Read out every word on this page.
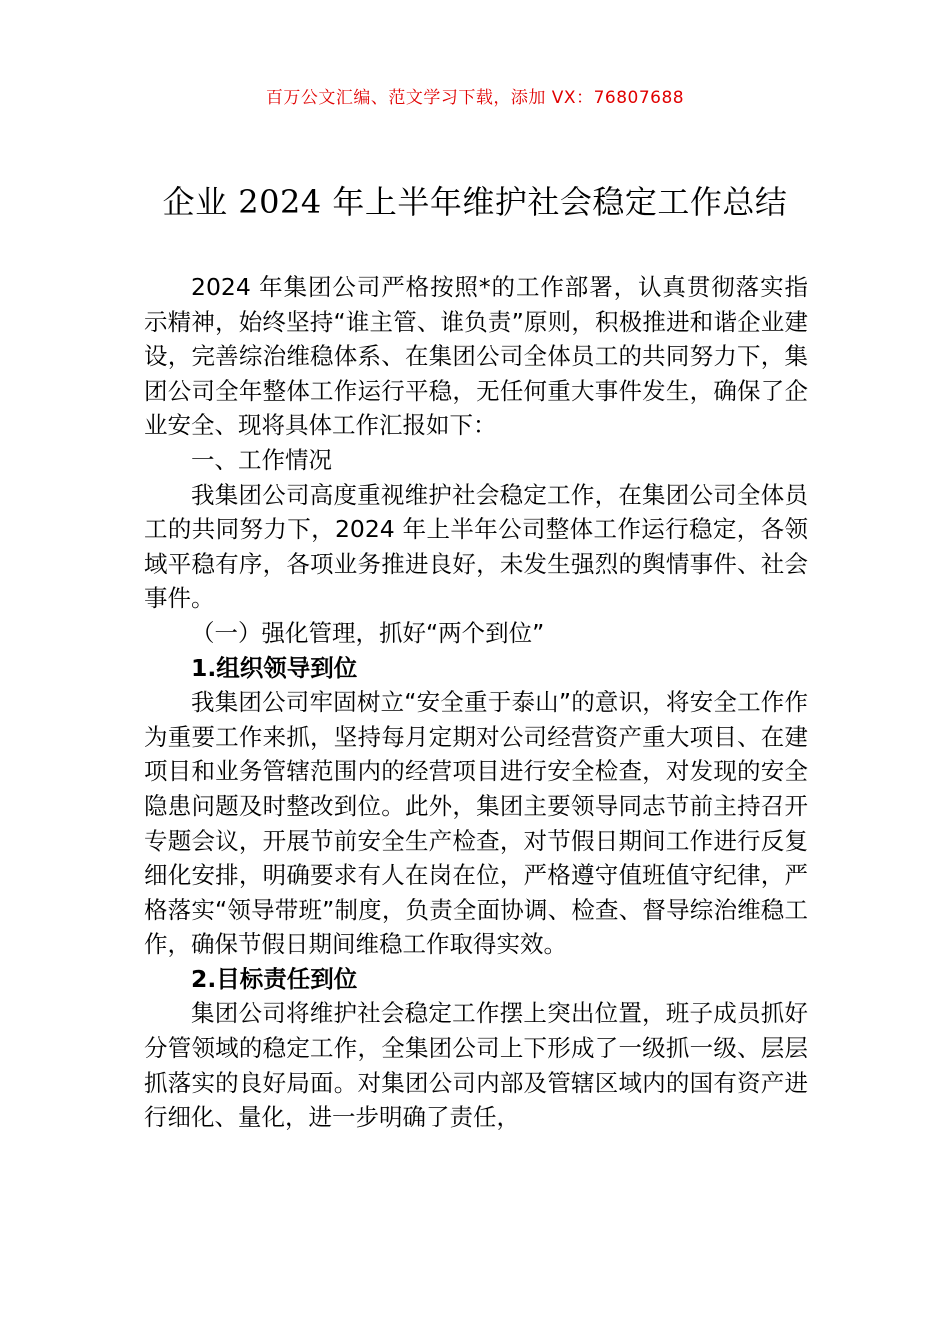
百万公文汇编、范文学习下载，添加 VX：76807688
企业 2024 年上半年维护社会稳定工作总结

2024 年集团公司严格按照*的工作部署，认真贯彻落实指示精神，始终坚持“谁主管、谁负责”原则，积极推进和谐企业建设，完善综治维稳体系、在集团公司全体员工的共同努力下，集团公司全年整体工作运行平稳，无任何重大事件发生，确保了企业安全、现将具体工作汇报如下：

一、工作情况

我集团公司高度重视维护社会稳定工作，在集团公司全体员工的共同努力下，2024 年上半年公司整体工作运行稳定，各领域平稳有序，各项业务推进良好，未发生强烈的舆情事件、社会事件。

（一）强化管理，抓好“两个到位”

1.组织领导到位

我集团公司牢固树立“安全重于泰山”的意识，将安全工作作为重要工作来抓，坚持每月定期对公司经营资产重大项目、在建项目和业务管辖范围内的经营项目进行安全检查，对发现的安全隐患问题及时整改到位。此外，集团主要领导同志节前主持召开专题会议，开展节前安全生产检查，对节假日期间工作进行反复细化安排，明确要求有人在岗在位，严格遵守值班值守纪律，严格落实“领导带班”制度，负责全面协调、检查、督导综治维稳工作，确保节假日期间维稳工作取得实效。

2.目标责任到位

集团公司将维护社会稳定工作摆上突出位置，班子成员抓好分管领域的稳定工作，全集团公司上下形成了一级抓一级、层层抓落实的良好局面。对集团公司内部及管辖区域内的国有资产进行细化、量化，进一步明确了责任，
